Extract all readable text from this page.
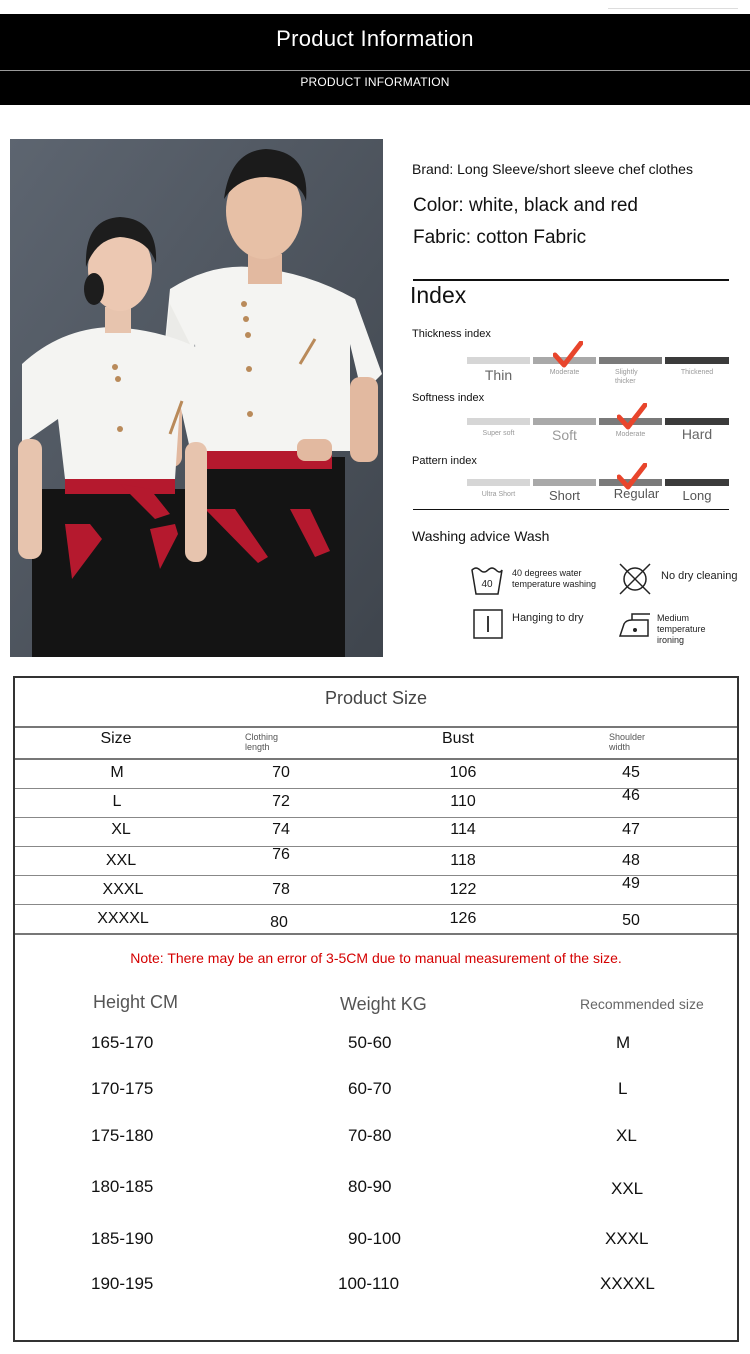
Product Information
PRODUCT INFORMATION
Brand: Long Sleeve/short sleeve chef clothes
Color: white, black and red
Fabric: cotton Fabric
Index
Thickness index
Thin	Moderate	Slightly thicker
Thickened
Softness index
Super soft	Soft	Moderate	Hard
Pattern index
Ultra Short	Short	Regular	Long
Washing advice Wash
40
40 degrees water
temperature washing
No dry cleaning
Hanging to dry	Medium temperature
ironing
Product Size
Size	Clothing
length	Bust	Shoulder
width
M	70	106	45
L	72	110	46
XL	74	114	47
XXL	76	118	48
XXXL	78	122	49
XXXXL	80	126	50
Note: There may be an error of 3-5CM due to manual measurement of the size.
Height CM	Weight KG	Recommended size
165-170	50-60	M
170-175	60-70	L
175-180	70-80	XL
180-185	80-90	XXL
185-190	90-100	XXXL
190-195	100-110	XXXXL
